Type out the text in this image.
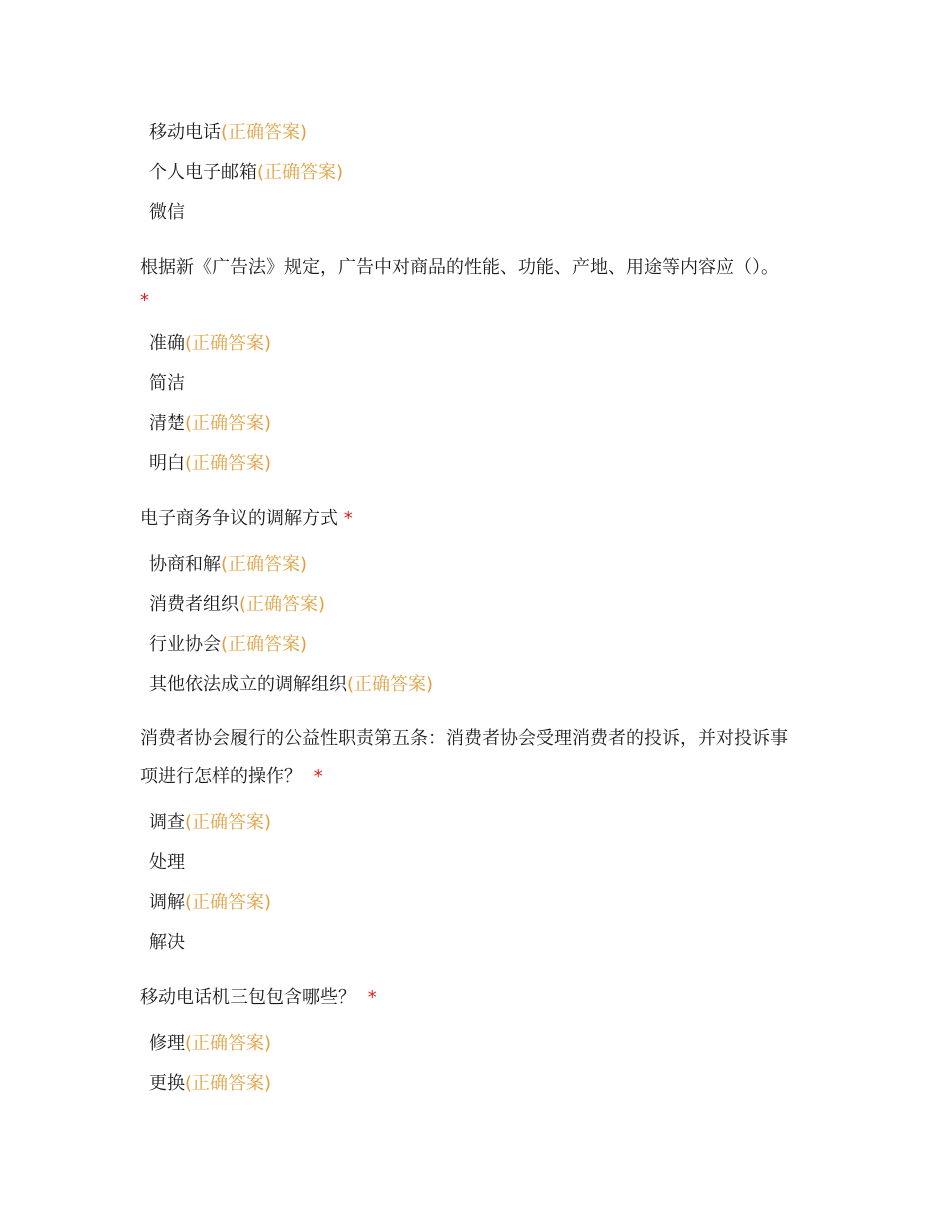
移动电话(正确答案)
个人电子邮箱(正确答案)
微信
根据新《广告法》规定，广告中对商品的性能、功能、产地、用途等内容应（）。
*
准确(正确答案)
简洁
清楚(正确答案)
明白(正确答案)
电子商务争议的调解方式 *
协商和解(正确答案)
消费者组织(正确答案)
行业协会(正确答案)
其他依法成立的调解组织(正确答案)
消费者协会履行的公益性职责第五条：消费者协会受理消费者的投诉，并对投诉事
项进行怎样的操作？ *
调查(正确答案)
处理
调解(正确答案)
解决
移动电话机三包包含哪些？ *
修理(正确答案)
更换(正确答案)
